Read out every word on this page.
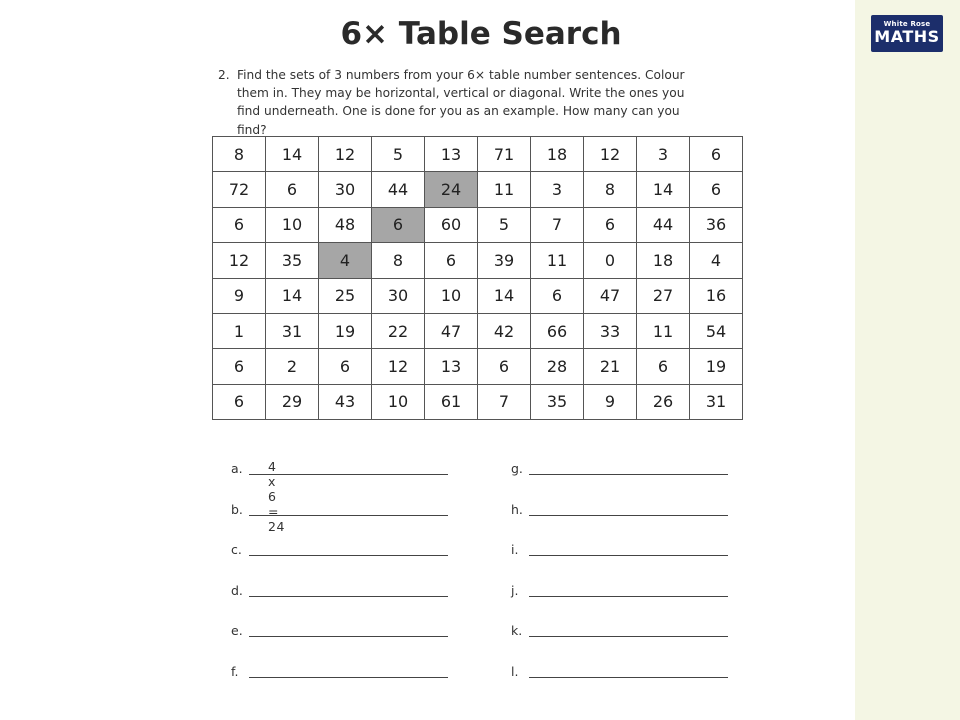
White Rose
MATHS
6× Table Search
2. Find the sets of 3 numbers from your 6× table number sentences. Colour them in. They may be horizontal, vertical or diagonal. Write the ones you find underneath. One is done for you as an example. How many can you find?
8	14	12	5	13	71	18	12	3	6
72	6	30	44	24	11	3	8	14	6
6	10	48	6	60	5	7	6	44	36
12	35	4	8	6	39	11	0	18	4
9	14	25	30	10	14	6	47	27	16
1	31	19	22	47	42	66	33	11	54
6	2	6	12	13	6	28	21	6	19
6	29	43	10	61	7	35	9	26	31
a. 4 x 6 = 24
b.
c.
d.
e.
f.
g.
h.
i.
j.
k.
l.
